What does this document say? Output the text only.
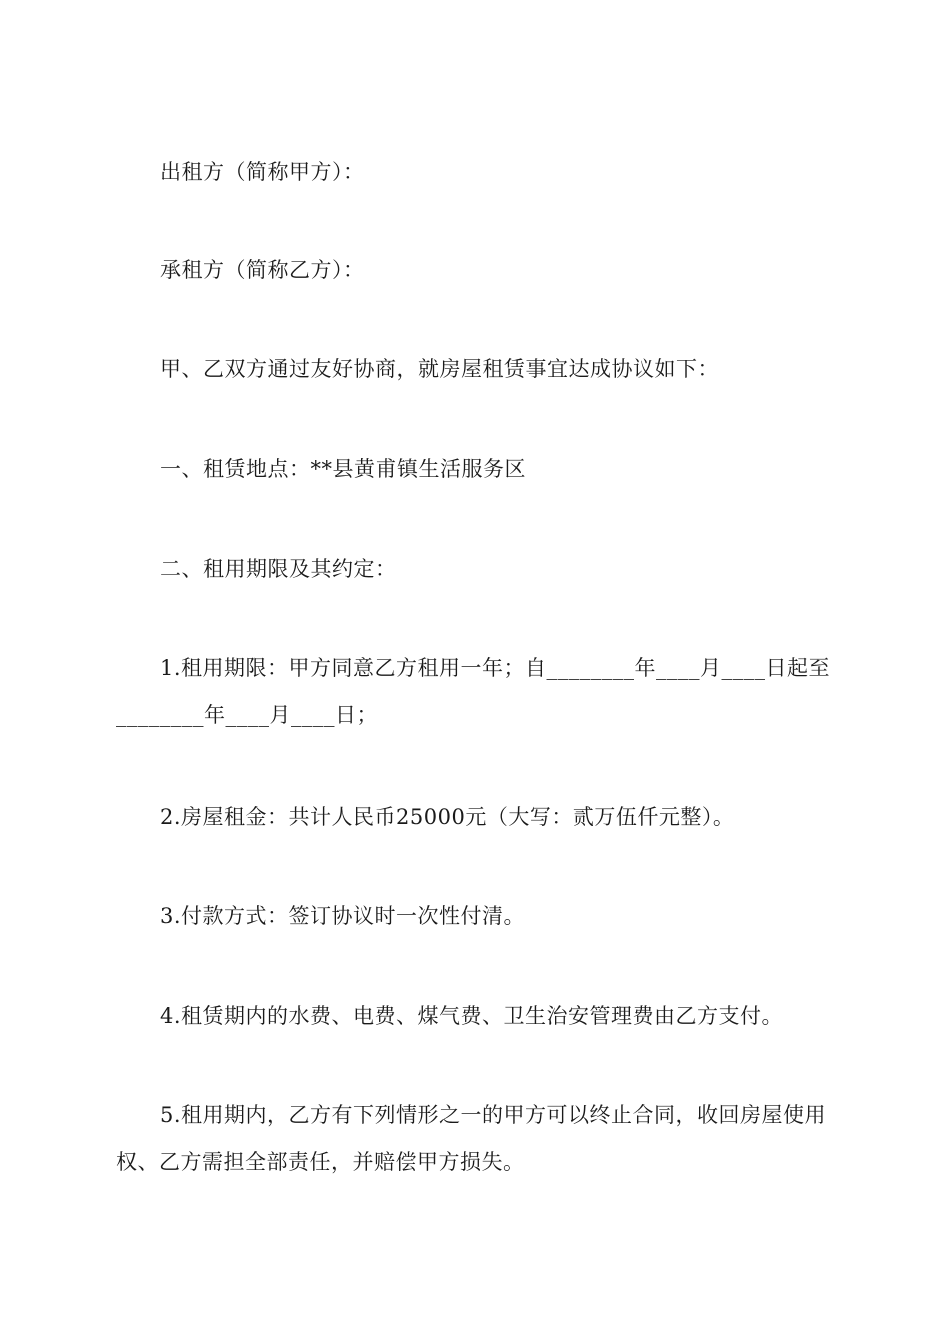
出租方（简称甲方）：

承租方（简称乙方）：

甲、乙双方通过友好协商，就房屋租赁事宜达成协议如下：

一、租赁地点：**县黄甫镇生活服务区

二、租用期限及其约定：

1.租用期限：甲方同意乙方租用一年；自________年____月____日起至________年____月____日；

2.房屋租金：共计人民币25000元（大写：贰万伍仟元整）。

3.付款方式：签订协议时一次性付清。

4.租赁期内的水费、电费、煤气费、卫生治安管理费由乙方支付。

5.租用期内，乙方有下列情形之一的甲方可以终止合同，收回房屋使用权、乙方需担全部责任，并赔偿甲方损失。
